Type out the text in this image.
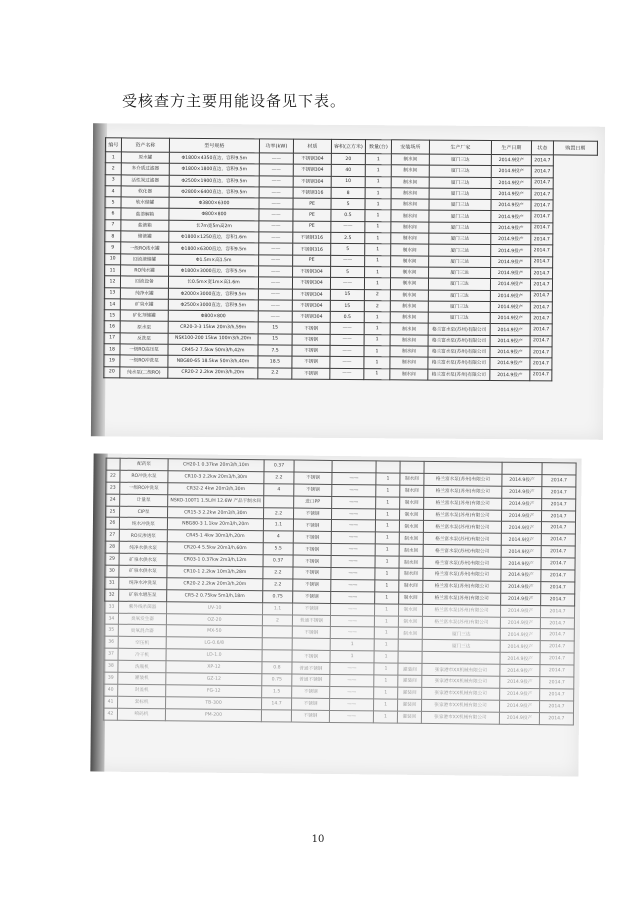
受核查方主要用能设备见下表。
编号	资产名称	型号规格	功率(kW)	材质	容积(立方米)	数量(台)	安装场所	生产厂家	生产日期	状态	购置日期
1	原水罐	Φ1800×4350直边，容积9.5m	——	不锈钢304	20	1	制水间	厦门三达	2014.9投产	2014.7	
2	多介质过滤器	Φ1800×1800直边，容积9.5m	——	不锈钢304	40	1	制水间	厦门三达	2014.9投产	2014.7	
3	活性炭过滤器	Φ2500×1900直边，容积9.5m	——	不锈钢304	10	1	制水间	厦门三达	2014.9投产	2014.7	
4	软化器	Φ2800×6400直边，容积9.5m	——	不锈钢316	8	1	制水间	厦门三达	2014.9投产	2014.7	
5	软水储罐	Φ3800×6300	——	PE	5	1	制水间	厦门三达	2014.9投产	2014.7	
6	盐溶解箱	Φ800×800	——	PE	0.5	1	制水间	厦门三达	2014.9投产	2014.7	
7	盐液箱	长7m宽5m高2m	——	PE	——	1	制水间	厦门三达	2014.9投产	2014.7	
8	储液罐	Φ1800×1250直边，容积1.6m	——	不锈钢316	2.5	1	制水间	厦门三达	2014.9投产	2014.7	
9	一级RO浓水罐	Φ1800×6300直边，容积9.5m	——	不锈钢316	5	1	制水间	厦门三达	2014.9投产	2014.7	
10	回流液储罐	Φ1.5m×高1.5m	——	PE	——	1	制水间	厦门三达	2014.9投产	2014.7	
11	RO纯水罐	Φ1800×3000直边，容积5.5m	——	不锈钢304	5	1	制水间	厦门三达	2014.9投产	2014.7	
12	回流设备	长0.5m×宽1m×高1.6m	——	不锈钢304	——	1	制水间	厦门三达	2014.9投产	2014.7	
13	纯净水罐	Φ2000×3000直边，容积9.5m	——	不锈钢304	15	2	制水间	厦门三达	2014.9投产	2014.7	
14	矿泉水罐	Φ2500×3000直边，容积9.5m	——	不锈钢304	15	2	制水间	厦门三达	2014.9投产	2014.7	
15	矿化剂储罐	Φ800×800	——	不锈钢304	0.5	1	制水间	厦门三达	2014.9投产	2014.7	
16	原水泵	CR20-3-3 15kw 20m3/h,59m	15	不锈钢	——	1	制水间	格兰富水泵(苏州)有限公司	2014.9投产	2014.7	
17	反洗泵	NSK100-200 15kw 100m3/h,20m	15	不锈钢	——	1	制水间	格兰富水泵(苏州)有限公司	2014.9投产	2014.7	
18	一级RO高压泵	CR45-2 7.5kw 50m3/h,42m	7.5	不锈钢	——	1	制水间	格兰富水泵(苏州)有限公司	2014.9投产	2014.7	
19	一级RO冲洗泵	NBG80-65 18.5kw 50m3/h,40m	18.5	不锈钢	——	1	制水间	格兰富水泵(苏州)有限公司	2014.9投产	2014.7	
20	纯水泵(二级RO)	CR20-2 2.2kw 20m3/h,20m	2.2	不锈钢	——	1	制水间	格兰富水泵(苏州)有限公司	2014.9投产	2014.7	
	配药泵	CH20-1 0.37kw 20m3/h,10m	0.37							
22	RO冲洗水泵	CR10-3 2.2kw 20m3/h,30m	2.2	不锈钢	——	1	制水间	格兰富水泵(苏州)有限公司	2014.9投产	2014.7
23	一级RO冲洗泵	CR32-2 4kw 20m3/h,30m	4	不锈钢	——	1	制水间	格兰富水泵(苏州)有限公司	2014.9投产	2014.7
24	计量泵	NSKO-100T1 1.5L/H 12.6W 产品于制水间		进口PP	——	1	制水间	格兰富水泵(苏州)有限公司	2014.9投产	2014.7
25	CIP泵	CR15-3 2.2kw 20m3/h,30m	2.2	不锈钢	——	1	制水间	格兰富水泵(苏州)有限公司	2014.9投产	2014.7
26	纯水冲洗泵	NBG80-3 1.1kw 20m3/h,20m	1.1	不锈钢	——	1	制水间	格兰富水泵(苏州)有限公司	2014.9投产	2014.7
27	RO反渗透泵	CR45-1 4kw 30m3/h,20m	4	不锈钢	——	1	制水间	格兰富水泵(苏州)有限公司	2014.9投产	2014.7
28	纯净水供水泵	CR20-4 5.5kw 20m3/h,60m	5.5	不锈钢	——	1	制水间	格兰富水泵(苏州)有限公司	2014.9投产	2014.7
29	矿泉水供水泵	CR03-1 0.37kw 2m3/h,12m	0.37	不锈钢	——	1	制水间	格兰富水泵(苏州)有限公司	2014.9投产	2014.7
30	矿泉水供水泵	CR10-1 2.2kw 10m3/h,28m	2.2	不锈钢	——	1	制水间	格兰富水泵(苏州)有限公司	2014.9投产	2014.7
31	纯净水冲洗泵	CR20-2 2.2kw 20m3/h,20m	2.2	不锈钢	——	1	制水间	格兰富水泵(苏州)有限公司	2014.9投产	2014.7
32	矿泉水增压泵	CR5-2 0.75kw 5m3/h,18m	0.75	不锈钢	——	1	制水间	格兰富水泵(苏州)有限公司	2014.9投产	2014.7
33	紫外线杀菌器	UV-10	1.1	不锈钢	——	1	制水间	格兰富水泵(苏州)有限公司	2014.9投产	2014.7
34	臭氧发生器	OZ-20	2	普通不锈钢	——	1	制水间	格兰富水泵(苏州)有限公司	2014.9投产	2014.7
35	臭氧混合器	MX-50		不锈钢	——	1	制水间	厦门三达	2014.9投产	2014.7
36	空压机	LG-0.6/8			1	1		厦门三达	2014.9投产	2014.7
37	冷干机	LD-1.0		不锈钢	1	1			2014.9投产	2014.7
38	洗瓶机	XP-12	0.8	普通不锈钢	——	1	灌装间	张家港市XX机械有限公司	2014.9投产	2014.7
39	灌装机	GZ-12	0.75	普通不锈钢	——	1	灌装间	张家港市XX机械有限公司	2014.9投产	2014.7
40	封盖机	FG-12	1.5	不锈钢	——	1	灌装间	张家港市XX机械有限公司	2014.9投产	2014.7
41	套标机	TB-300	14.7	不锈钢	——	1	灌装间	张家港市XX机械有限公司	2014.9投产	2014.7
42	喷码机	PM-200		不锈钢	——	1	灌装间	张家港市XX机械有限公司	2014.9投产	2014.7
10
